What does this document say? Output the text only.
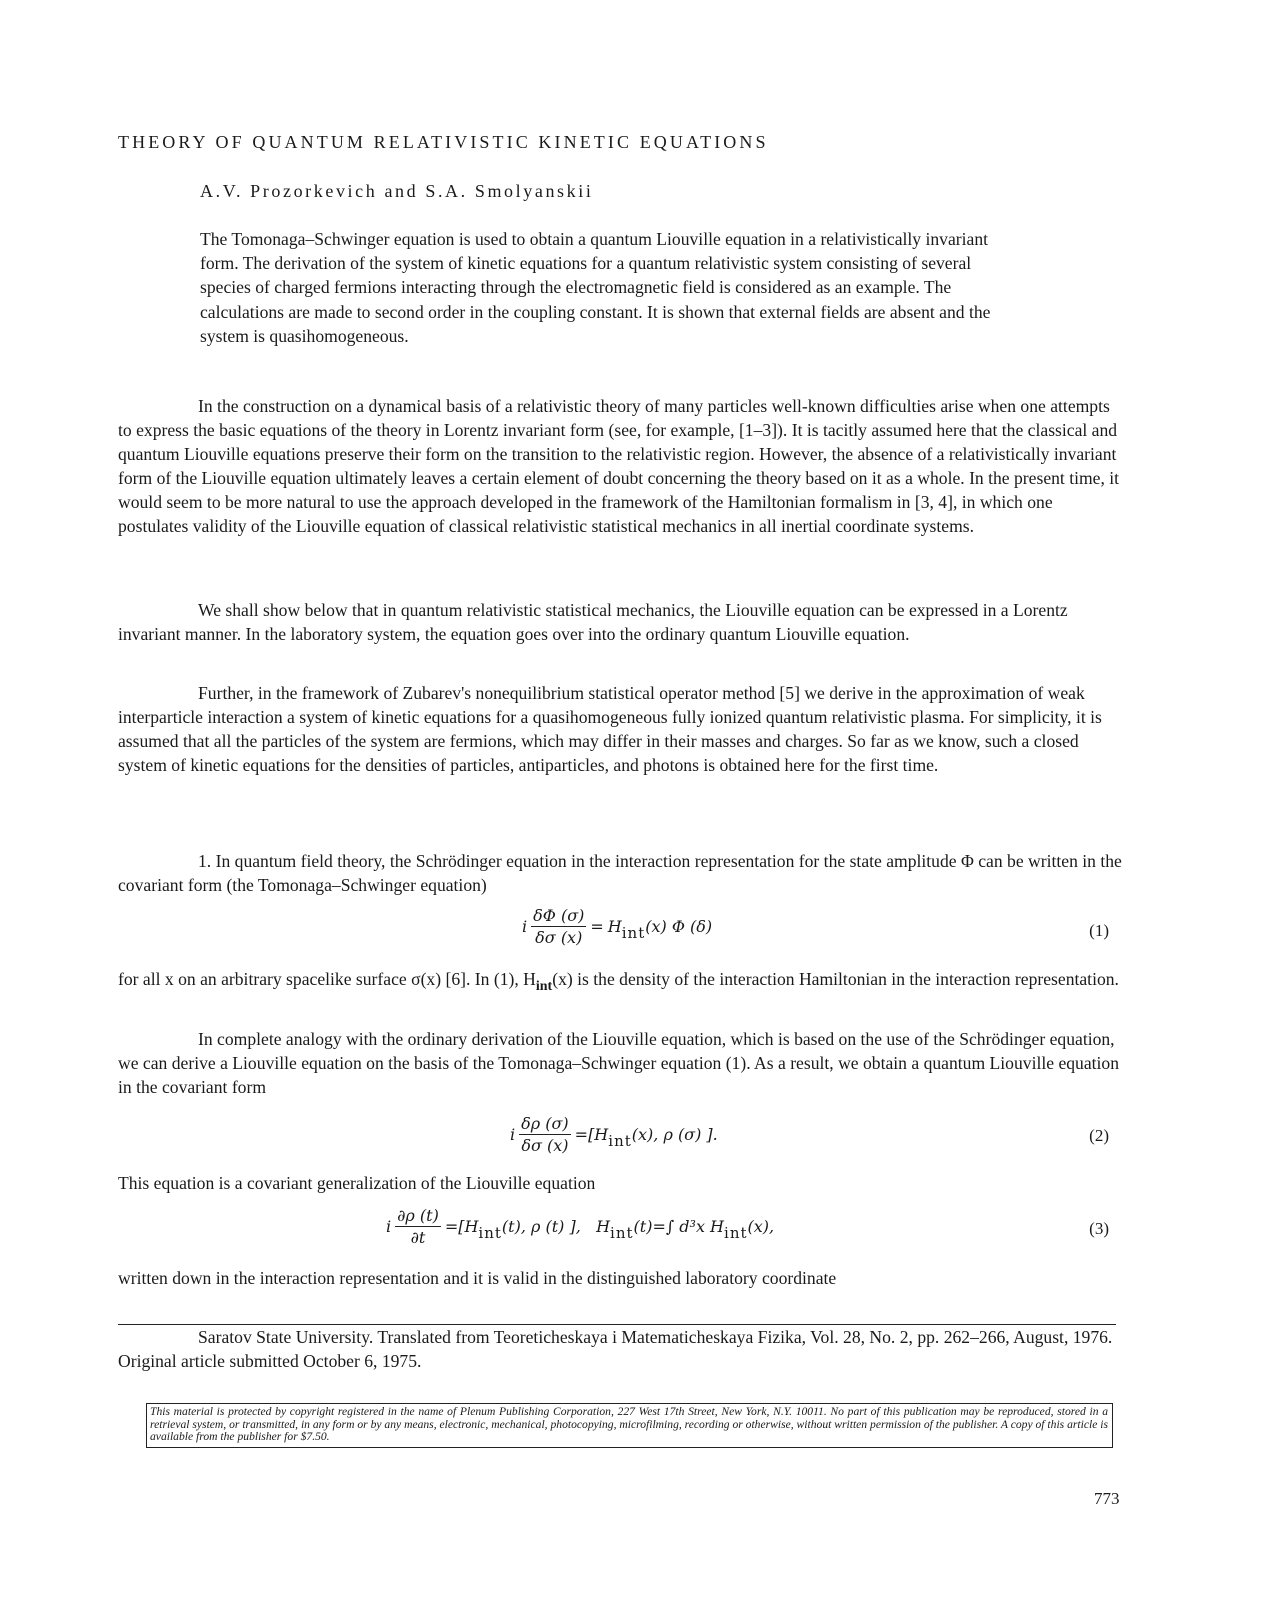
THEORY OF QUANTUM RELATIVISTIC KINETIC EQUATIONS
A.V. Prozorkevich and S.A. Smolyanskii
The Tomonaga–Schwinger equation is used to obtain a quantum Liouville equation in a relativistically invariant form. The derivation of the system of kinetic equations for a quantum relativistic system consisting of several species of charged fermions interacting through the electromagnetic field is considered as an example. The calculations are made to second order in the coupling constant. It is shown that external fields are absent and the system is quasihomogeneous.

In the construction on a dynamical basis of a relativistic theory of many particles well-known difficulties arise when one attempts to express the basic equations of the theory in Lorentz invariant form (see, for example, [1–3]). It is tacitly assumed here that the classical and quantum Liouville equations preserve their form on the transition to the relativistic region. However, the absence of a relativistically invariant form of the Liouville equation ultimately leaves a certain element of doubt concerning the theory based on it as a whole. In the present time, it would seem to be more natural to use the approach developed in the framework of the Hamiltonian formalism in [3, 4], in which one postulates validity of the Liouville equation of classical relativistic statistical mechanics in all inertial coordinate systems.

We shall show below that in quantum relativistic statistical mechanics, the Liouville equation can be expressed in a Lorentz invariant manner. In the laboratory system, the equation goes over into the ordinary quantum Liouville equation.

Further, in the framework of Zubarev's nonequilibrium statistical operator method [5] we derive in the approximation of weak interparticle interaction a system of kinetic equations for a quasihomogeneous fully ionized quantum relativistic plasma. For simplicity, it is assumed that all the particles of the system are fermions, which may differ in their masses and charges. So far as we know, such a closed system of kinetic equations for the densities of particles, antiparticles, and photons is obtained here for the first time.

1. In quantum field theory, the Schrödinger equation in the interaction representation for the state amplitude Φ can be written in the covariant form (the Tomonaga–Schwinger equation)

i $\frac{\delta\Phi (\sigma)}{\delta\sigma (x)} = H$ int (x) Φ (δ)	(1)

for all x on an arbitrary spacelike surface σ(x) [6]. In (1), $H_{int}(x)$ is the density of the interaction Hamiltonian in the interaction representation.

In complete analogy with the ordinary derivation of the Liouville equation, which is based on the use of the Schrödinger equation, we can derive a Liouville equation on the basis of the Tomonaga–Schwinger equation (1). As a result, we obtain a quantum Liouville equation in the covariant form

i $\frac{\delta\rho (\sigma)}{\delta\sigma (x)} =[H$ int (x), ρ (σ) ].	(2)

This equation is a covariant generalization of the Liouville equation

i $\frac{\partial\rho (t)}{\partial t} =[H$ int (t), ρ (t) ],   H int (t)=∫ d³x H int (x),	(3)

written down in the interaction representation and it is valid in the distinguished laboratory coordinate

Saratov State University. Translated from Teoreticheskaya i Matematicheskaya Fizika, Vol. 28, No. 2, pp. 262–266, August, 1976. Original article submitted October 6, 1975.
This material is protected by copyright registered in the name of Plenum Publishing Corporation, 227 West 17th Street, New York, N.Y. 10011. No part of this publication may be reproduced, stored in a retrieval system, or transmitted, in any form or by any means, electronic, mechanical, photocopying, microfilming, recording or otherwise, without written permission of the publisher. A copy of this article is available from the publisher for $7.50.
773
